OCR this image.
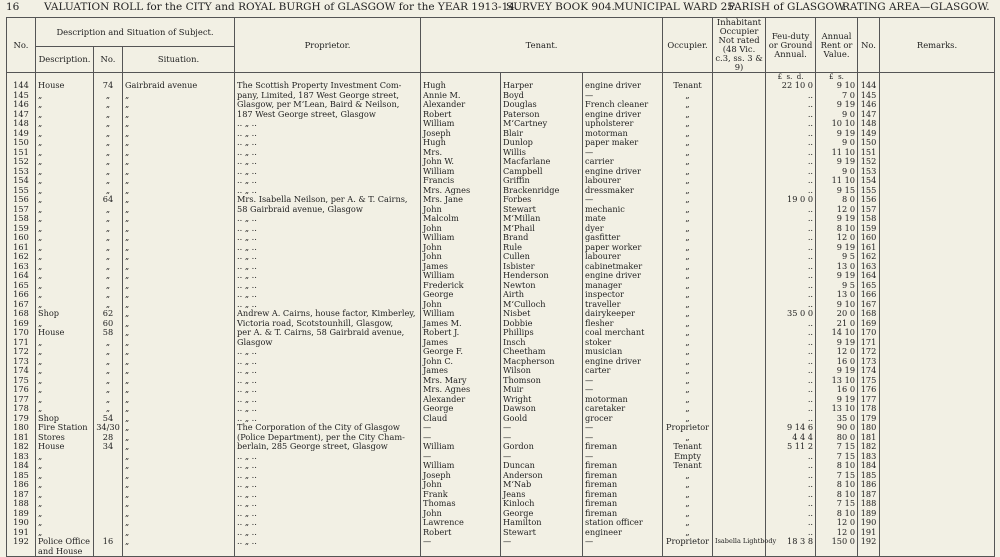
16 VALUATION ROLL for the CITY and ROYAL BURGH of GLASGOW for the YEAR 1913-14.
SURVEY BOOK 904. MUNICIPAL WARD 25.
PARISH of GLASGOW.
RATING AREA—GLASGOW.
No.	Description and Situation of Subject.			Proprietor.	Tenant.			Occupier.	Inhabitant Occupier Not rated (48 Vic. c.3, ss. 3 & 9)	Feu-duty or Ground Annual.	Annual Rent or Value.	No.	Remarks.
	Description.	No.	Situation.										
										£ s. d.	£ s.		
144	House	74	Gairbraid avenue	The Scottish Property Investment Com-	Hugh	Harper	engine driver	Tenant		22 10 0	9 10	144	
145	„	„	„	pany, Limited, 187 West George street,	Annie M.	Boyd	—	„		..	7 0	145	
146	„	„	„	Glasgow, per M‘Lean, Baird & Neilson,	Alexander	Douglas	French cleaner	„		..	9 19	146	
147	„	„	„	187 West George street, Glasgow	Robert	Paterson	engine driver	„		..	9 0	147	
148	„	„	„	.. „ ..	William	M‘Cartney	upholsterer	„		..	10 10	148	
149	„	„	„	.. „ ..	Joseph	Blair	motorman	„		..	9 19	149	
150	„	„	„	.. „ ..	Hugh	Dunlop	paper maker	„		..	9 0	150	
151	„	„	„	.. „ ..	Mrs.	Willis	—	„		..	11 10	151	
152	„	„	„	.. „ ..	John W.	Macfarlane	carrier	„		..	9 19	152	
153	„	„	„	.. „ ..	William	Campbell	engine driver	„		..	9 0	153	
154	„	„	„	.. „ ..	Francis	Griffin	labourer	„		..	11 10	154	
155	„	„	„	.. „ ..	Mrs. Agnes	Brackenridge	dressmaker	„		..	9 15	155	
156	„	64	„	Mrs. Isabella Neilson, per A. & T. Cairns,	Mrs. Jane	Forbes	—	„		19 0 0	8 0	156	
157	„	„	„	58 Gairbraid avenue, Glasgow	John	Stewart	mechanic	„		..	12 0	157	
158	„	„	„	.. „ ..	Malcolm	M‘Millan	mate	„		..	9 19	158	
159	„	„	„	.. „ ..	John	M‘Phail	dyer	„		..	8 10	159	
160	„	„	„	.. „ ..	William	Brand	gasfitter	„		..	12 0	160	
161	„	„	„	.. „ ..	John	Rule	paper worker	„		..	9 19	161	
162	„	„	„	.. „ ..	John	Cullen	labourer	„		..	9 5	162	
163	„	„	„	.. „ ..	James	Isbister	cabinetmaker	„		..	13 0	163	
164	„	„	„	.. „ ..	William	Henderson	engine driver	„		..	9 19	164	
165	„	„	„	.. „ ..	Frederick	Newton	manager	„		..	9 5	165	
166	„	„	„	.. „ ..	George	Airth	inspector	„		..	13 0	166	
167	„	„	„	.. „ ..	John	M‘Culloch	traveller	„		..	9 10	167	
168	Shop	62	„	Andrew A. Cairns, house factor, Kimberley,	William	Nisbet	dairykeeper	„		35 0 0	20 0	168	
169	„	60	„	Victoria road, Scotstounhill, Glasgow,	James M.	Dobbie	flesher	„		..	21 0	169	
170	House	58	„	per A. & T. Cairns, 58 Gairbraid avenue,	Robert J.	Phillips	coal merchant	„		..	14 10	170	
171	„	„	„	Glasgow	James	Insch	stoker	„		..	9 19	171	
172	„	„	„	.. „ ..	George F.	Cheetham	musician	„		..	12 0	172	
173	„	„	„	.. „ ..	John C.	Macpherson	engine driver	„		..	16 0	173	
174	„	„	„	.. „ ..	James	Wilson	carter	„		..	9 19	174	
175	„	„	„	.. „ ..	Mrs. Mary	Thomson	—	„		..	13 10	175	
176	„	„	„	.. „ ..	Mrs. Agnes	Muir	—	„		..	16 0	176	
177	„	„	„	.. „ ..	Alexander	Wright	motorman	„		..	9 19	177	
178	„	„	„	.. „ ..	George	Dawson	caretaker	„		..	13 10	178	
179	Shop	54	„	.. „ ..	Claud	Goold	grocer	„		..	35 0	179	
180	Fire Station	34/30	„	The Corporation of the City of Glasgow	—	—	—	Proprietor		9 14 6	90 0	180	
181	Stores	28	„	(Police Department), per the City Cham-	—	—	—	„		4 4 4	80 0	181	
182	House	34	„	berlain, 285 George street, Glasgow	William	Gordon	fireman	Tenant		5 11 2	7 15	182	
183	„		„	.. „ ..	—	—	—	Empty		..	7 15	183	
184	„		„	.. „ ..	William	Duncan	fireman	Tenant		..	8 10	184	
185	„		„	.. „ ..	Joseph	Anderson	fireman	„		..	7 15	185	
186	„		„	.. „ ..	John	M‘Nab	fireman	„		..	8 10	186	
187	„		„	.. „ ..	Frank	Jeans	fireman	„		..	8 10	187	
188	„		„	.. „ ..	Thomas	Kinloch	fireman	„		..	7 15	188	
189	„		„	.. „ ..	John	George	fireman	„		..	8 10	189	
190	„		„	.. „ ..	Lawrence	Hamilton	station officer	„		..	12 0	190	
191	„		„	.. „ ..	Robert	Stewart	engineer	„		..	12 0	191	
192	Police Office	16	„	.. „ ..	—	—	—	Proprietor	Isabella Lightbody	18 3 8	150 0	192	
	and House												
